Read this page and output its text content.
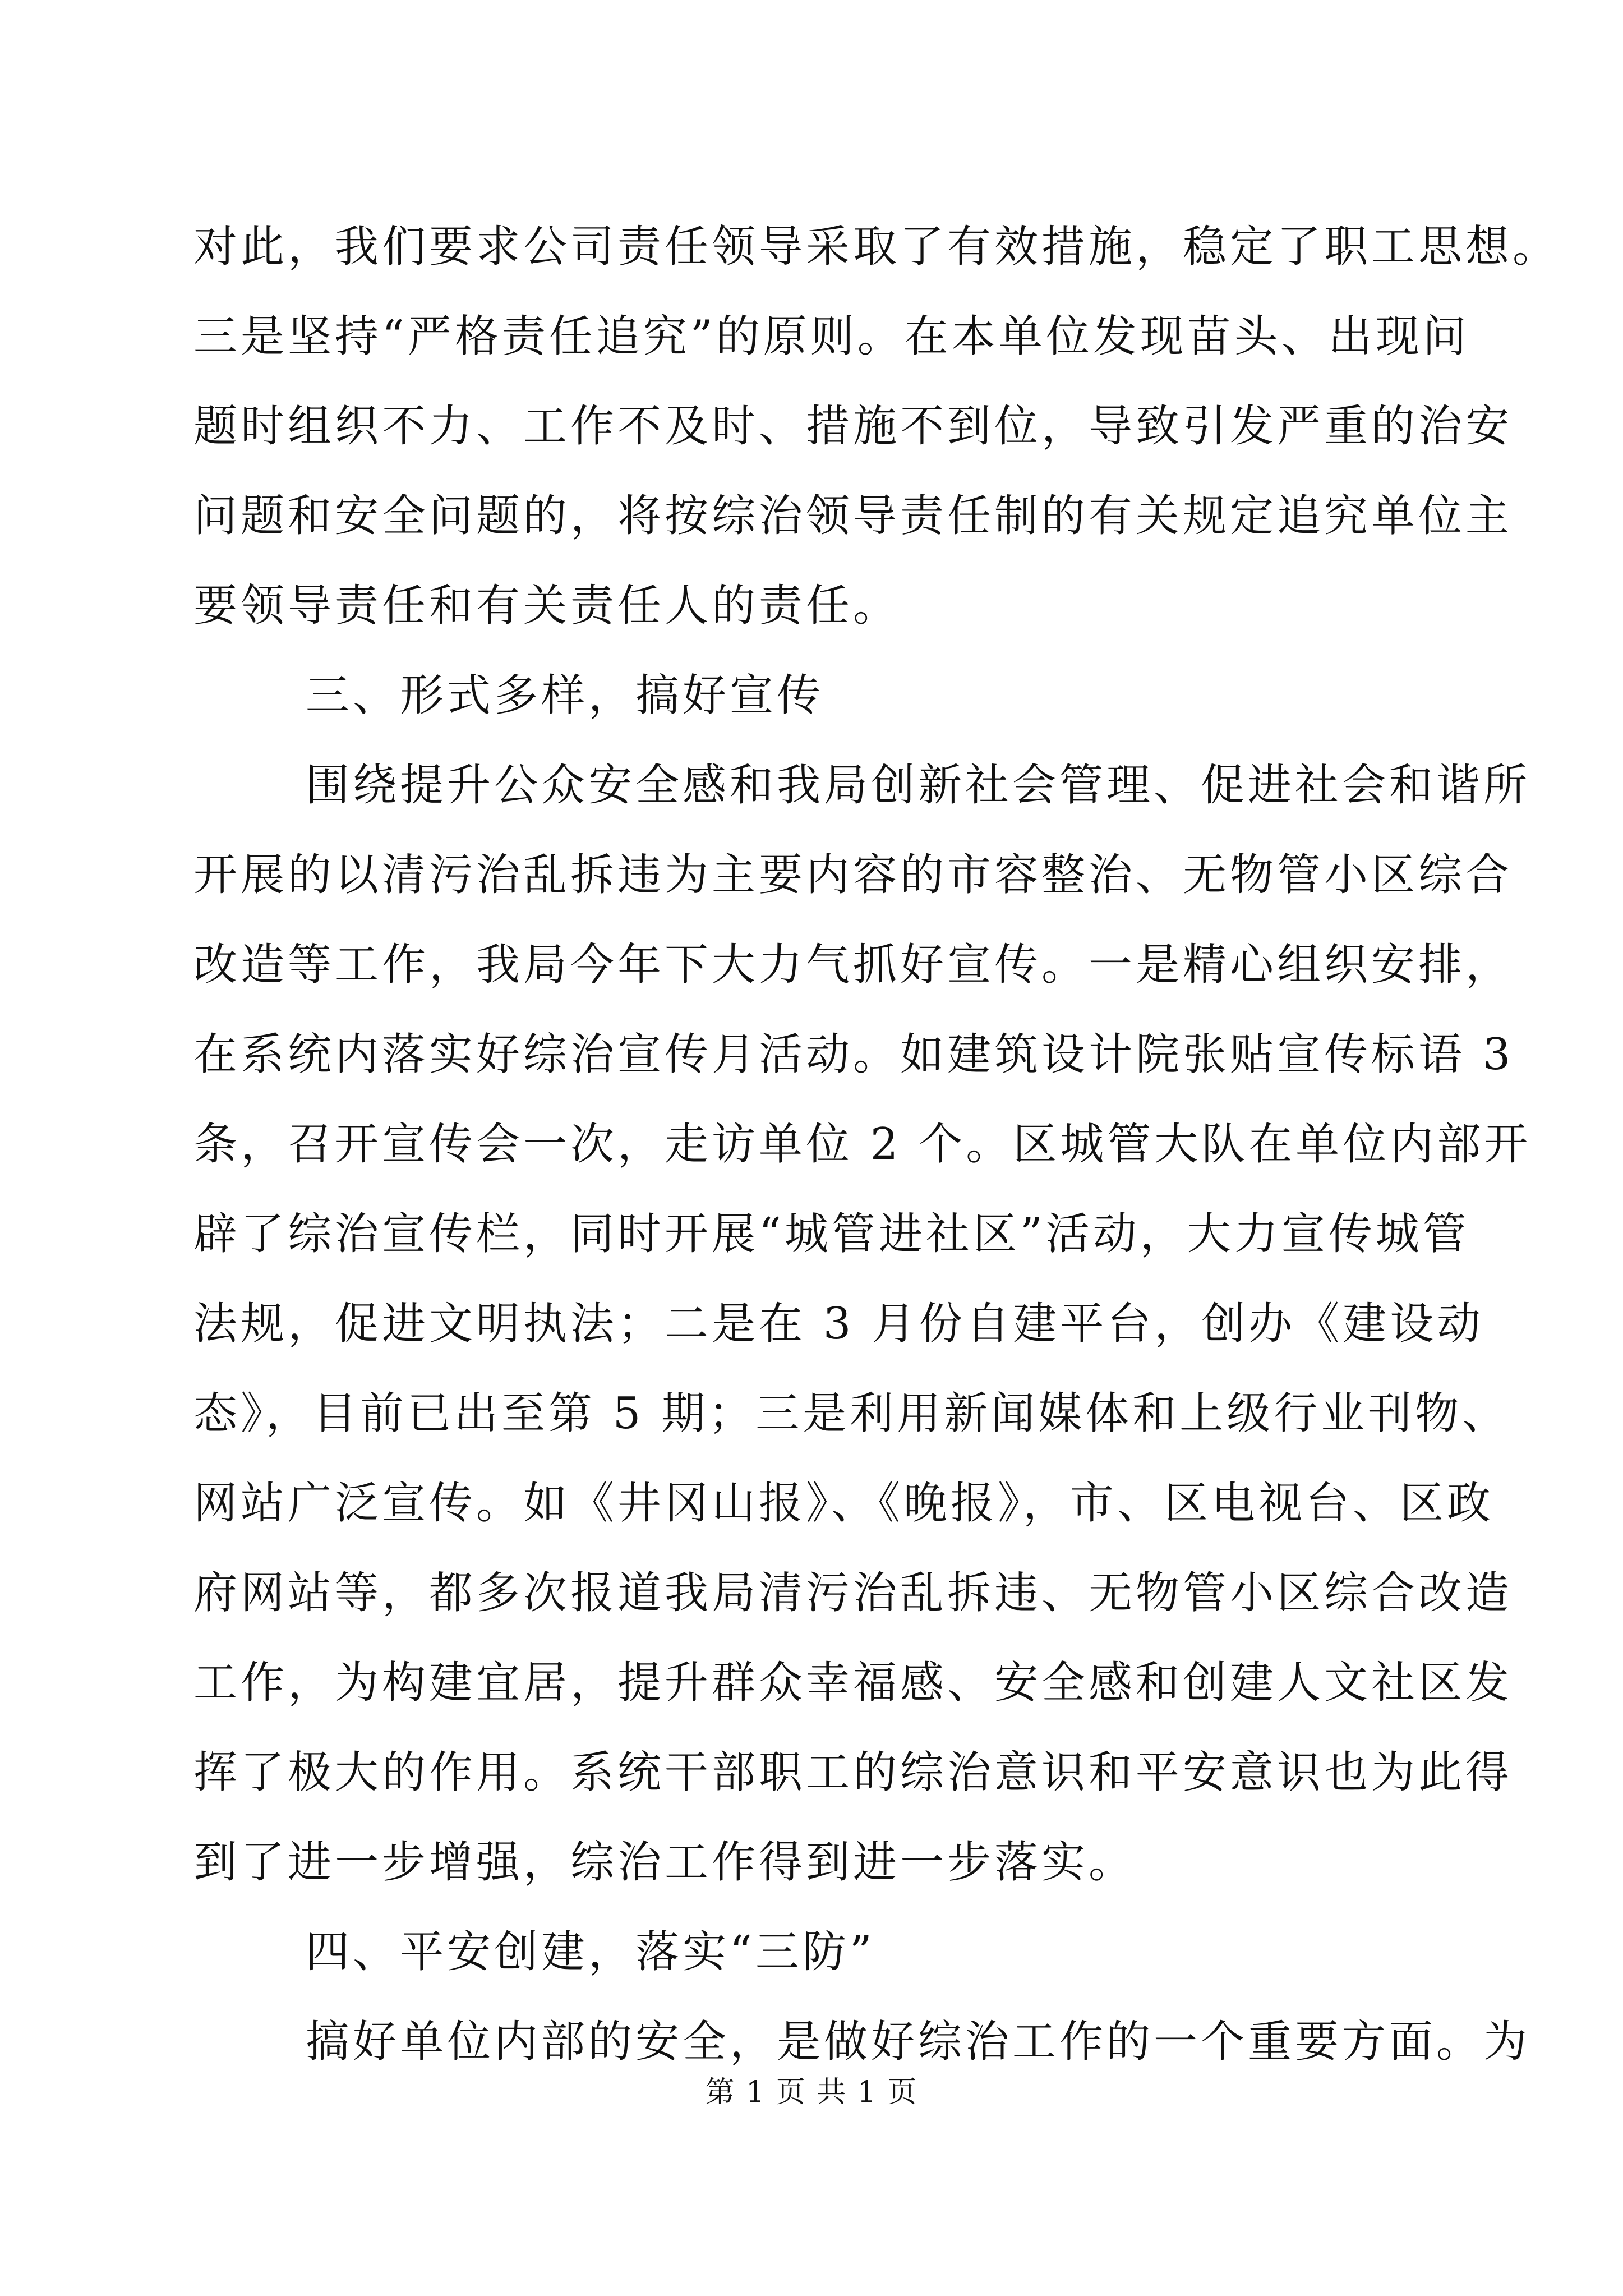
对此，我们要求公司责任领导采取了有效措施，稳定了职工思想。
三是坚持“严格责任追究”的原则。在本单位发现苗头、出现问
题时组织不力、工作不及时、措施不到位，导致引发严重的治安
问题和安全问题的，将按综治领导责任制的有关规定追究单位主
要领导责任和有关责任人的责任。
三、形式多样，搞好宣传
围绕提升公众安全感和我局创新社会管理、促进社会和谐所
开展的以清污治乱拆违为主要内容的市容整治、无物管小区综合
改造等工作，我局今年下大力气抓好宣传。一是精心组织安排，
在系统内落实好综治宣传月活动。如建筑设计院张贴宣传标语 3
条，召开宣传会一次，走访单位 2 个。区城管大队在单位内部开
辟了综治宣传栏，同时开展“城管进社区”活动，大力宣传城管
法规，促进文明执法；二是在 3 月份自建平台，创办《建设动
态》，目前已出至第 5 期；三是利用新闻媒体和上级行业刊物、
网站广泛宣传。如《井冈山报》、《晚报》，市、区电视台、区政
府网站等，都多次报道我局清污治乱拆违、无物管小区综合改造
工作，为构建宜居，提升群众幸福感、安全感和创建人文社区发
挥了极大的作用。系统干部职工的综治意识和平安意识也为此得
到了进一步增强，综治工作得到进一步落实。
四、平安创建，落实“三防”
搞好单位内部的安全，是做好综治工作的一个重要方面。为
第 1 页 共 1 页
